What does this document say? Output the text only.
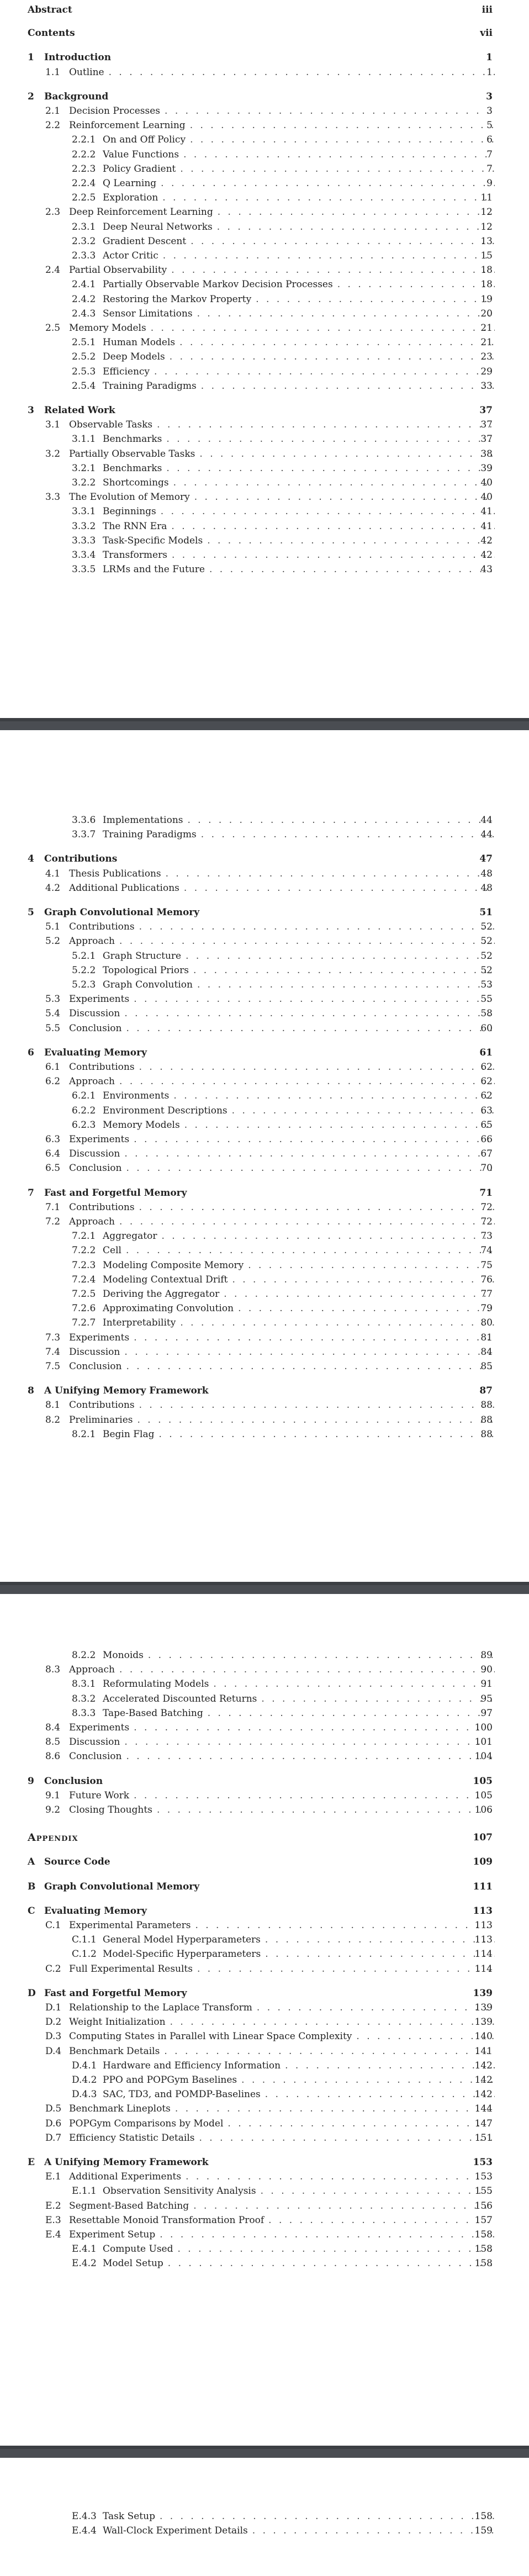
Abstract	iii
Contents	vii
1 Introduction	1
1.1 Outline . . .	1
2 Background	3
2.1 Decision Processes . . .	3
2.2 Reinforcement Learning . . .	5
2.2.1 On and Off Policy . . .	6
2.2.2 Value Functions . . .	7
2.2.3 Policy Gradient . . .	7
2.2.4 Q Learning . . .	9
2.2.5 Exploration . . .	11
2.3 Deep Reinforcement Learning . . .	12
2.3.1 Deep Neural Networks . . .	12
2.3.2 Gradient Descent . . .	13
2.3.3 Actor Critic . . .	15
2.4 Partial Observability . . .	18
2.4.1 Partially Observable Markov Decision Processes . . .	18
2.4.2 Restoring the Markov Property . . .	19
2.4.3 Sensor Limitations . . .	20
2.5 Memory Models . . .	21
2.5.1 Human Models . . .	21
2.5.2 Deep Models . . .	23
2.5.3 Efficiency . . .	29
2.5.4 Training Paradigms . . .	33
3 Related Work	37
3.1 Observable Tasks . . .	37
3.1.1 Benchmarks . . .	37
3.2 Partially Observable Tasks . . .	38
3.2.1 Benchmarks . . .	39
3.2.2 Shortcomings . . .	40
3.3 The Evolution of Memory . . .	40
3.3.1 Beginnings . . .	41
3.3.2 The RNN Era . . .	41
3.3.3 Task-Specific Models . . .	42
3.3.4 Transformers . . .	42
3.3.5 LRMs and the Future . . .	43
3.3.6 Implementations . . .	44
3.3.7 Training Paradigms . . .	44
4 Contributions	47
4.1 Thesis Publications . . .	48
4.2 Additional Publications . . .	48
5 Graph Convolutional Memory	51
5.1 Contributions . . .	52
5.2 Approach . . .	52
5.2.1 Graph Structure . . .	52
5.2.2 Topological Priors . . .	52
5.2.3 Graph Convolution . . .	53
5.3 Experiments . . .	55
5.4 Discussion . . .	58
5.5 Conclusion . . .	60
6 Evaluating Memory	61
6.1 Contributions . . .	62
6.2 Approach . . .	62
6.2.1 Environments . . .	62
6.2.2 Environment Descriptions . . .	63
6.2.3 Memory Models . . .	65
6.3 Experiments . . .	66
6.4 Discussion . . .	67
6.5 Conclusion . . .	70
7 Fast and Forgetful Memory	71
7.1 Contributions . . .	72
7.2 Approach . . .	72
7.2.1 Aggregator . . .	73
7.2.2 Cell . . .	74
7.2.3 Modeling Composite Memory . . .	75
7.2.4 Modeling Contextual Drift . . .	76
7.2.5 Deriving the Aggregator . . .	77
7.2.6 Approximating Convolution . . .	79
7.2.7 Interpretability . . .	80
7.3 Experiments . . .	81
7.4 Discussion . . .	84
7.5 Conclusion . . .	85
8 A Unifying Memory Framework	87
8.1 Contributions . . .	88
8.2 Preliminaries . . .	88
8.2.1 Begin Flag . . .	88
8.2.2 Monoids . . .	89
8.3 Approach . . .	90
8.3.1 Reformulating Models . . .	91
8.3.2 Accelerated Discounted Returns . . .	95
8.3.3 Tape-Based Batching . . .	97
8.4 Experiments . . .	100
8.5 Discussion . . .	101
8.6 Conclusion . . .	104
9 Conclusion	105
9.1 Future Work . . .	105
9.2 Closing Thoughts . . .	106
Appendix	107
A Source Code	109
B Graph Convolutional Memory	111
C Evaluating Memory	113
C.1 Experimental Parameters . . .	113
C.1.1 General Model Hyperparameters . . .	113
C.1.2 Model-Specific Hyperparameters . . .	114
C.2 Full Experimental Results . . .	114
D Fast and Forgetful Memory	139
D.1 Relationship to the Laplace Transform . . .	139
D.2 Weight Initialization . . .	139
D.3 Computing States in Parallel with Linear Space Complexity . . .	140
D.4 Benchmark Details . . .	141
D.4.1 Hardware and Efficiency Information . . .	142
D.4.2 PPO and POPGym Baselines . . .	142
D.4.3 SAC, TD3, and POMDP-Baselines . . .	142
D.5 Benchmark Lineplots . . .	144
D.6 POPGym Comparisons by Model . . .	147
D.7 Efficiency Statistic Details . . .	151
E A Unifying Memory Framework	153
E.1 Additional Experiments . . .	153
E.1.1 Observation Sensitivity Analysis . . .	155
E.2 Segment-Based Batching . . .	156
E.3 Resettable Monoid Transformation Proof . . .	157
E.4 Experiment Setup . . .	158
E.4.1 Compute Used . . .	158
E.4.2 Model Setup . . .	158
E.4.3 Task Setup . . .	158
E.4.4 Wall-Clock Experiment Details . . .	159
